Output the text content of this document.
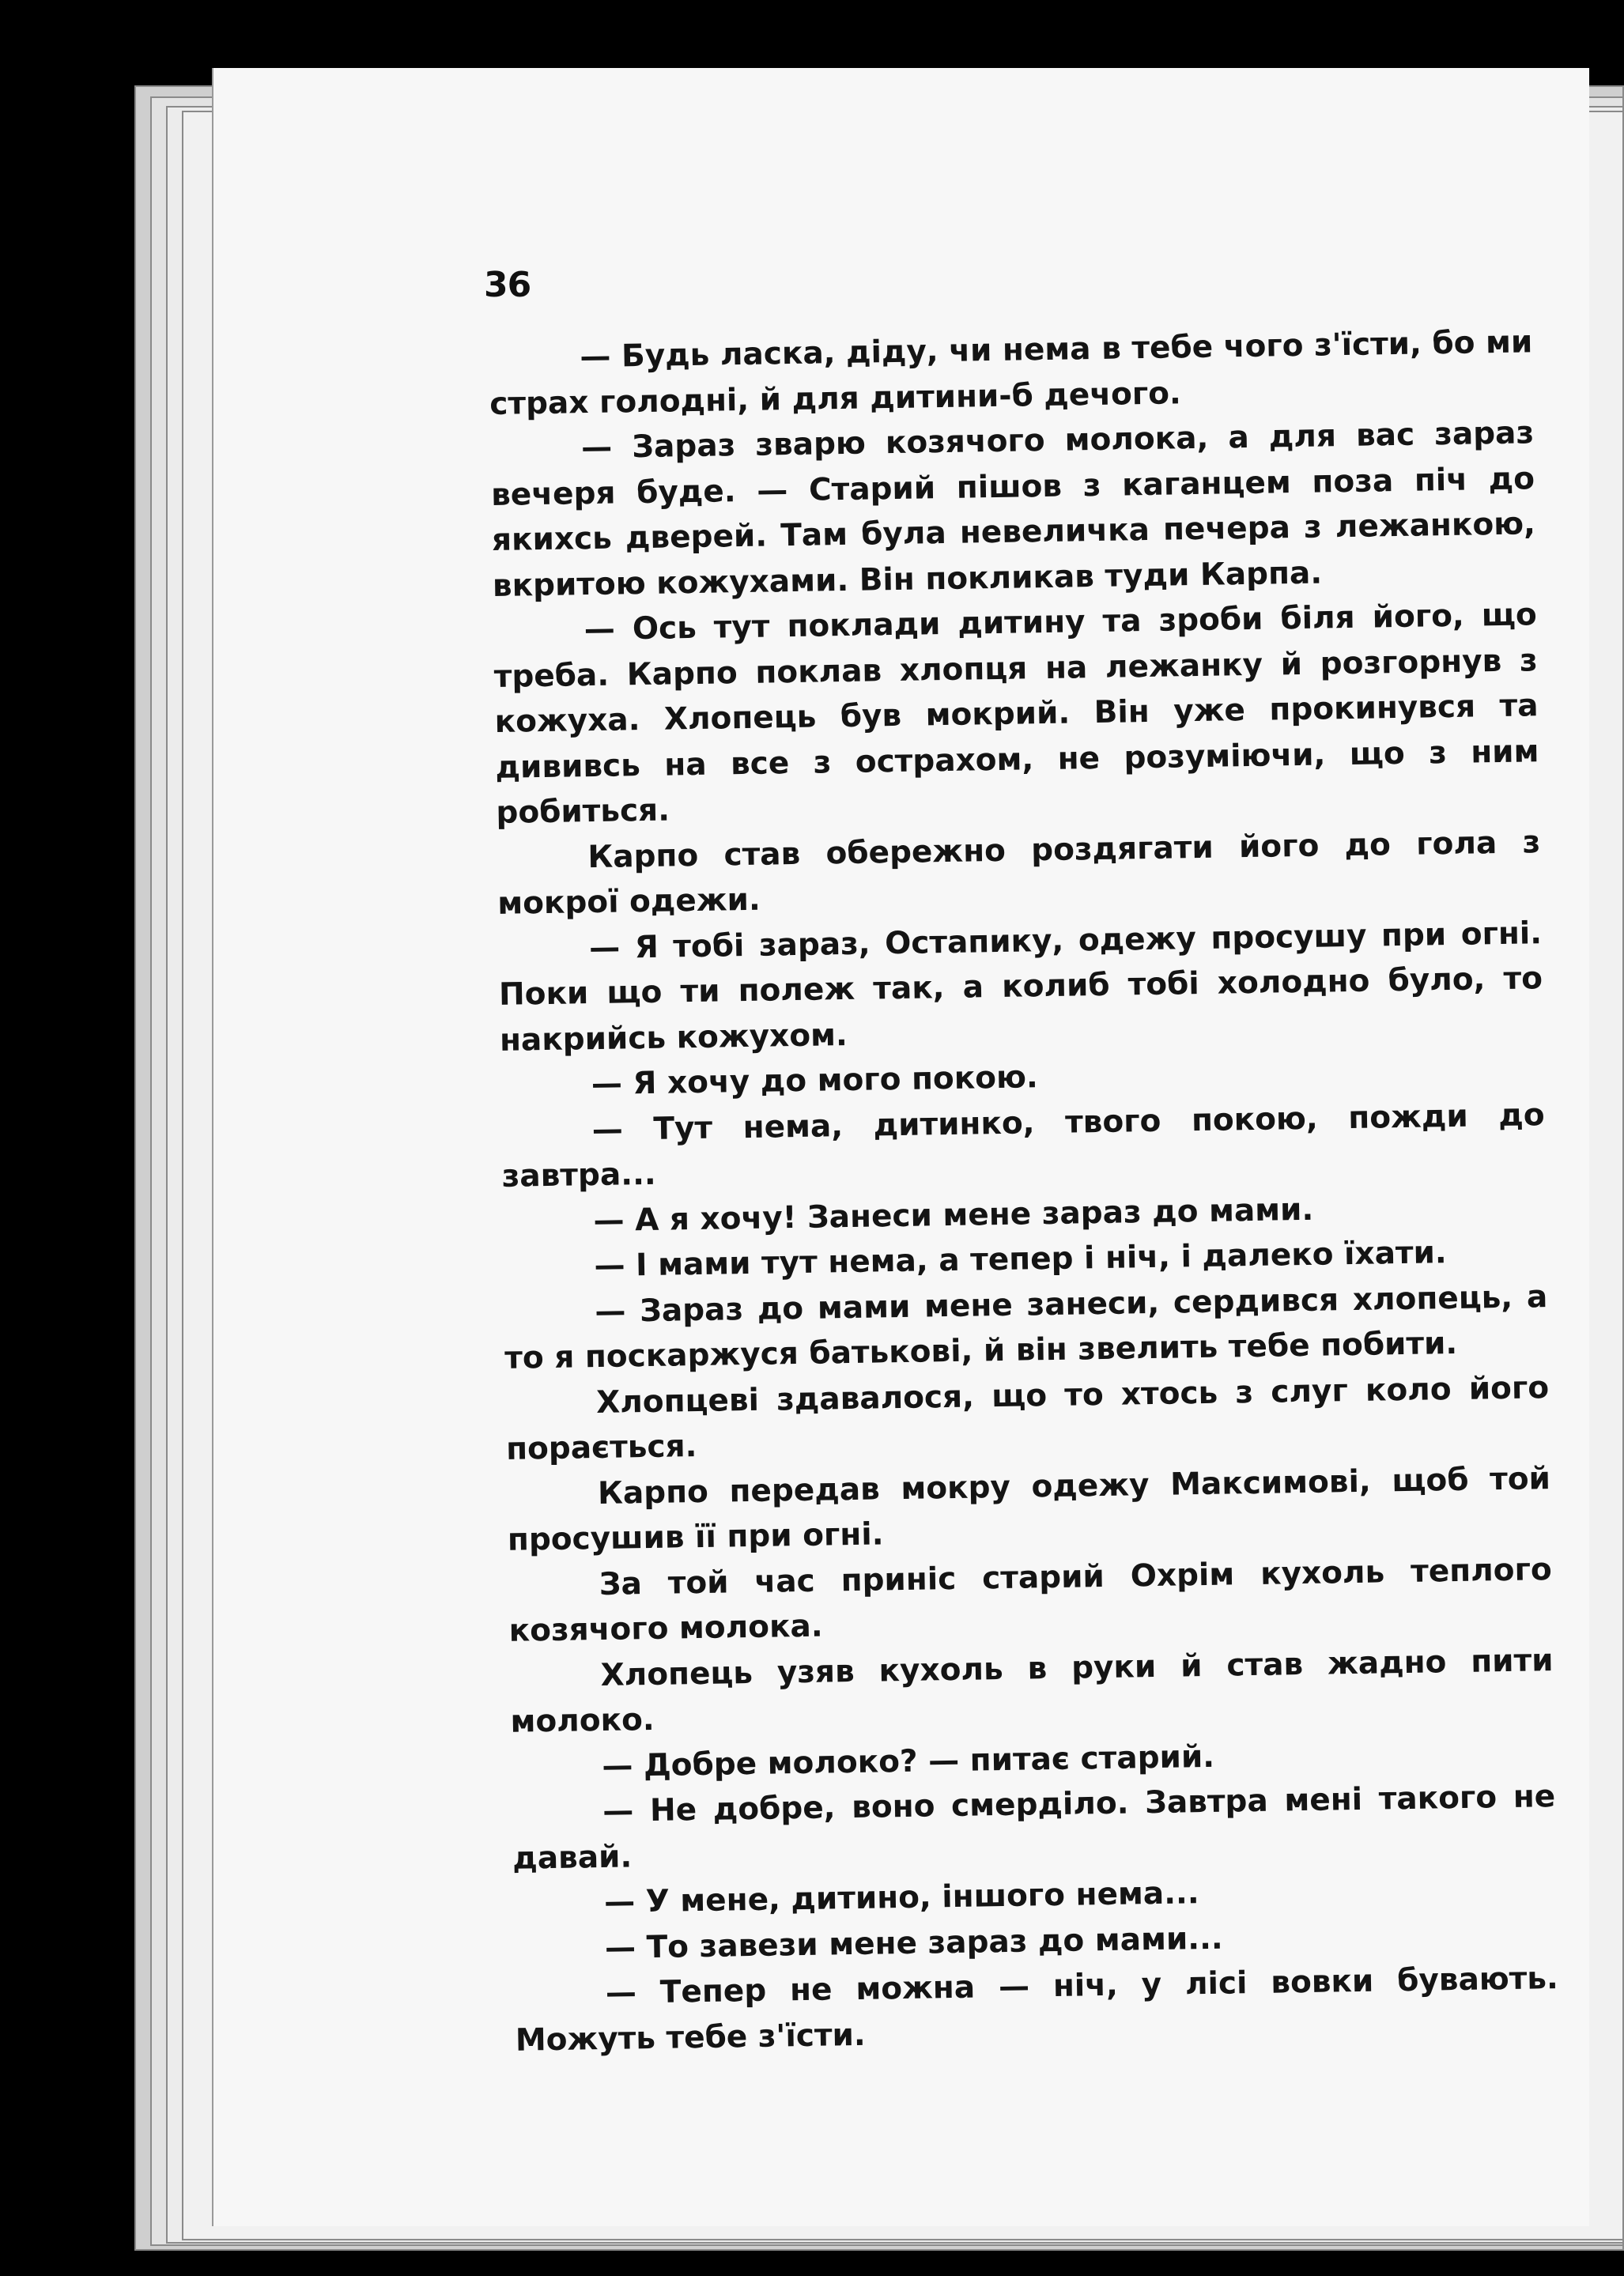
36

— Будь ласка, діду, чи нема в тебе чого з'їсти, бо ми страх голодні, й для дитини-б дечого.

— Зараз зварю козячого молока, а для вас зараз вечеря буде. — Старий пішов з каганцем поза піч до якихсь дверей. Там була невеличка печера з лежанкою, вкритою кожухами. Він покликав туди Карпа.

— Ось тут поклади дитину та зроби біля його, що треба. Карпо поклав хлопця на лежанку й розгорнув з кожуха. Хлопець був мокрий. Він уже прокинувся та дививсь на все з острахом, не розуміючи, що з ним робиться.

Карпо став обережно роздягати його до гола з мокрої одежи.

— Я тобі зараз, Остапику, одежу просушу при огні. Поки що ти полеж так, а колиб тобі холодно було, то накрийсь кожухом.

— Я хочу до мого покою.

— Тут нема, дитинко, твого покою, пожди до завтра...

— А я хочу! Занеси мене зараз до мами.

— І мами тут нема, а тепер і ніч, і далеко їхати.

— Зараз до мами мене занеси, сердився хлопець, а то я поскаржуся батькові, й він звелить тебе побити.

Хлопцеві здавалося, що то хтось з слуг коло його порається.

Карпо передав мокру одежу Максимові, щоб той просушив її при огні.

За той час приніс старий Охрім кухоль теплого козячого молока.

Хлопець узяв кухоль в руки й став жадно пити молоко.

— Добре молоко? — питає старий.

— Не добре, воно смерділо. Завтра мені такого не давай.

— У мене, дитино, іншого нема...

— То завези мене зараз до мами...

— Тепер не можна — ніч, у лісі вовки бувають. Можуть тебе з'їсти.
